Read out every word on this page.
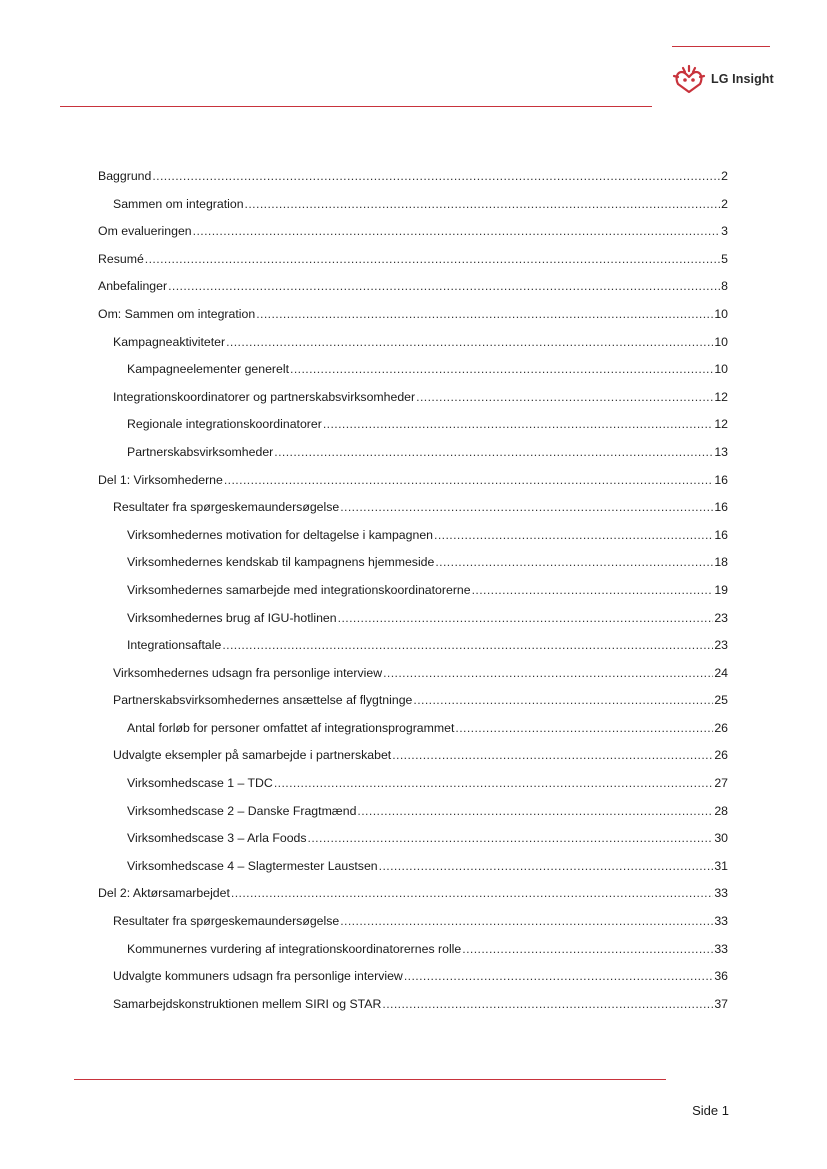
LG Insight
Baggrund .....	2
Sammen om integration .....	2
Om evalueringen .....	3
Resumé .....	5
Anbefalinger .....	8
Om: Sammen om integration .....	10
Kampagneaktiviteter .....	10
Kampagneelementer generelt .....	10
Integrationskoordinatorer og partnerskabsvirksomheder .....	12
Regionale integrationskoordinatorer .....	12
Partnerskabsvirksomheder .....	13
Del 1: Virksomhederne .....	16
Resultater fra spørgeskemaundersøgelse .....	16
Virksomhedernes motivation for deltagelse i kampagnen .....	16
Virksomhedernes kendskab til kampagnens hjemmeside .....	18
Virksomhedernes samarbejde med integrationskoordinatorerne .....	19
Virksomhedernes brug af IGU-hotlinen .....	23
Integrationsaftale .....	23
Virksomhedernes udsagn fra personlige interview .....	24
Partnerskabsvirksomhedernes ansættelse af flygtninge .....	25
Antal forløb for personer omfattet af integrationsprogrammet .....	26
Udvalgte eksempler på samarbejde i partnerskabet .....	26
Virksomhedscase 1 – TDC .....	27
Virksomhedscase 2 – Danske Fragtmænd .....	28
Virksomhedscase 3 – Arla Foods .....	30
Virksomhedscase 4 – Slagtermester Laustsen .....	31
Del 2: Aktørsamarbejdet .....	33
Resultater fra spørgeskemaundersøgelse .....	33
Kommunernes vurdering af integrationskoordinatorernes rolle .....	33
Udvalgte kommuners udsagn fra personlige interview .....	36
Samarbejdskonstruktionen mellem SIRI og STAR .....	37
Side 1
